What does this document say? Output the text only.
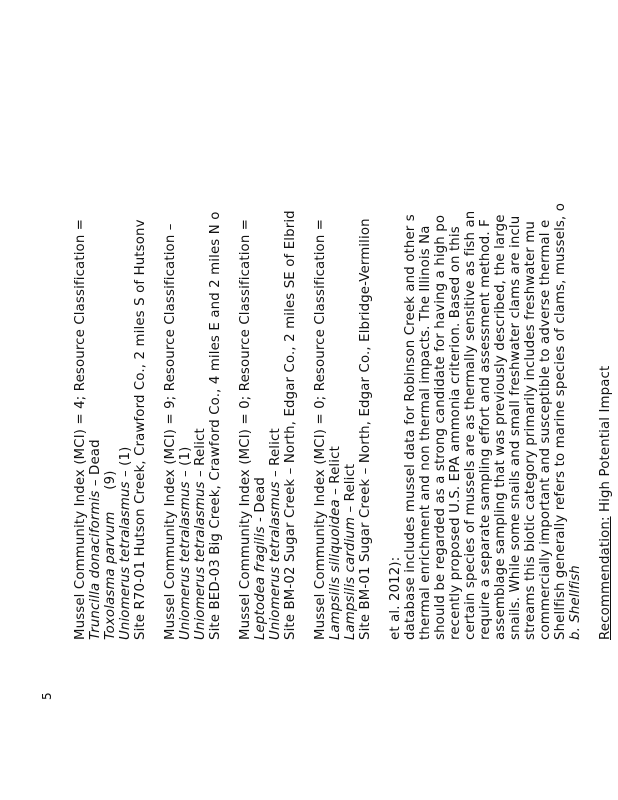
Recommendation: High Potential Impact
b. Shellfish
Shellfish generally refers to marine species of clams, mussels, o
commercially important and susceptible to adverse thermal e
streams this biotic category primarily includes freshwater mu
snails. While some snails and small freshwater clams are inclu
assemblage sampling that was previously described, the large
require a separate sampling effort and assessment method. F
certain species of mussels are as thermally sensitive as fish an
recently proposed U.S. EPA ammonia criterion. Based on this
should be regarded as a strong candidate for having a high po
thermal enrichment and non thermal impacts. The Illinois Na
database includes mussel data for Robinson Creek and other s
et al. 2012):
Site BM-01 Sugar Creek – North, Edgar Co., Elbridge-Vermilion
Lampsilis cardium – Relict
Lampsilis siliquoidea – Relict
Mussel Community Index (MCI) = 0; Resource Classification =
Site BM-02 Sugar Creek – North, Edgar Co., 2 miles SE of Elbrid
Uniomerus tetralasmus – Relict
Leptodea fragilis - Dead
Mussel Community Index (MCI) = 0; Resource Classification =
Site BED-03 Big Creek, Crawford Co., 4 miles E and 2 miles N o
Uniomerus tetralasmus – Relict
Uniomerus tetralasmus – (1)
Mussel Community Index (MCI) = 9; Resource Classification –
Site R70-01 Hutson Creek, Crawford Co., 2 miles S of Hutsonv
Uniomerus tetralasmus – (1)
Toxolasma parvum     (9)
Truncilla donaciformis – Dead
Mussel Community Index (MCI) = 4; Resource Classification =
5
